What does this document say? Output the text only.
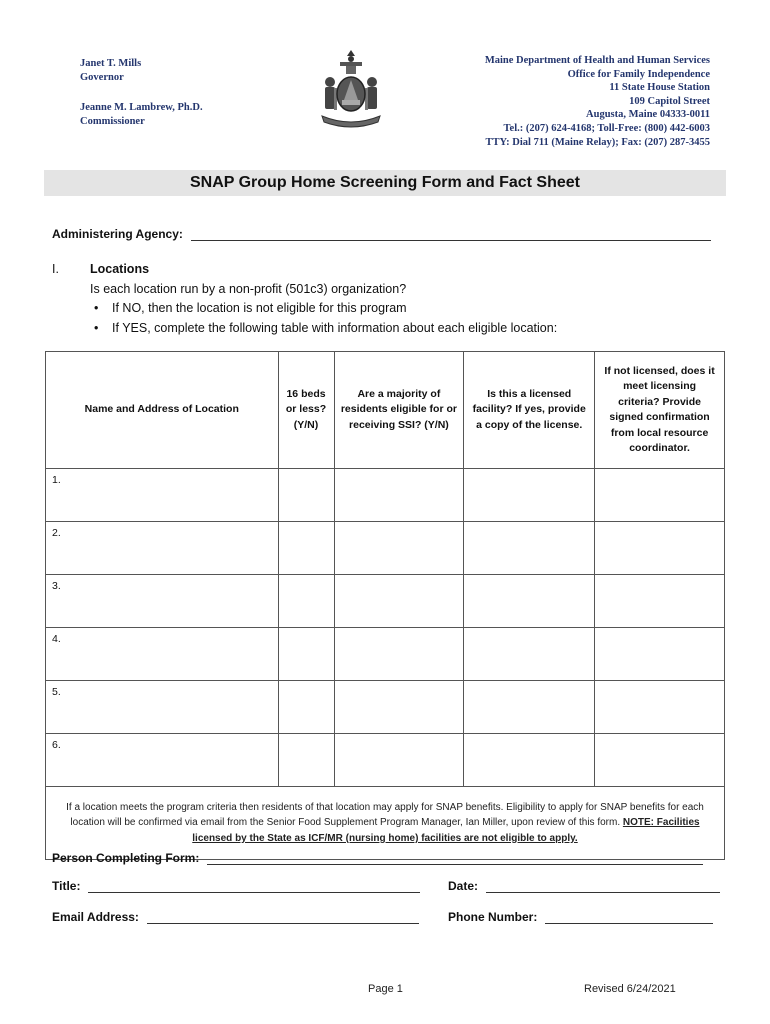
Janet T. Mills
Governor
Jeanne M. Lambrew, Ph.D.
Commissioner
Maine Department of Health and Human Services
Office for Family Independence
11 State House Station
109 Capitol Street
Augusta, Maine 04333-0011
Tel.: (207) 624-4168; Toll-Free: (800) 442-6003
TTY: Dial 711 (Maine Relay); Fax: (207) 287-3455
SNAP Group Home Screening Form and Fact Sheet
Administering Agency:
I. Locations
Is each location run by a non-profit (501c3) organization?
• If NO, then the location is not eligible for this program
• If YES, complete the following table with information about each eligible location:
Name and Address of Location	16 beds or less? (Y/N)	Are a majority of residents eligible for or receiving SSI? (Y/N)	Is this a licensed facility? If yes, provide a copy of the license.	If not licensed, does it meet licensing criteria? Provide signed confirmation from local resource coordinator.
1.				
2.				
3.				
4.				
5.				
6.				
If a location meets the program criteria then residents of that location may apply for SNAP benefits. Eligibility to apply for SNAP benefits for each location will be confirmed via email from the Senior Food Supplement Program Manager, Ian Miller, upon review of this form. NOTE: Facilities licensed by the State as ICF/MR (nursing home) facilities are not eligible to apply.				
Person Completing Form:
Title:	Date:
Email Address:	Phone Number:
Page 1	Revised 6/24/2021
